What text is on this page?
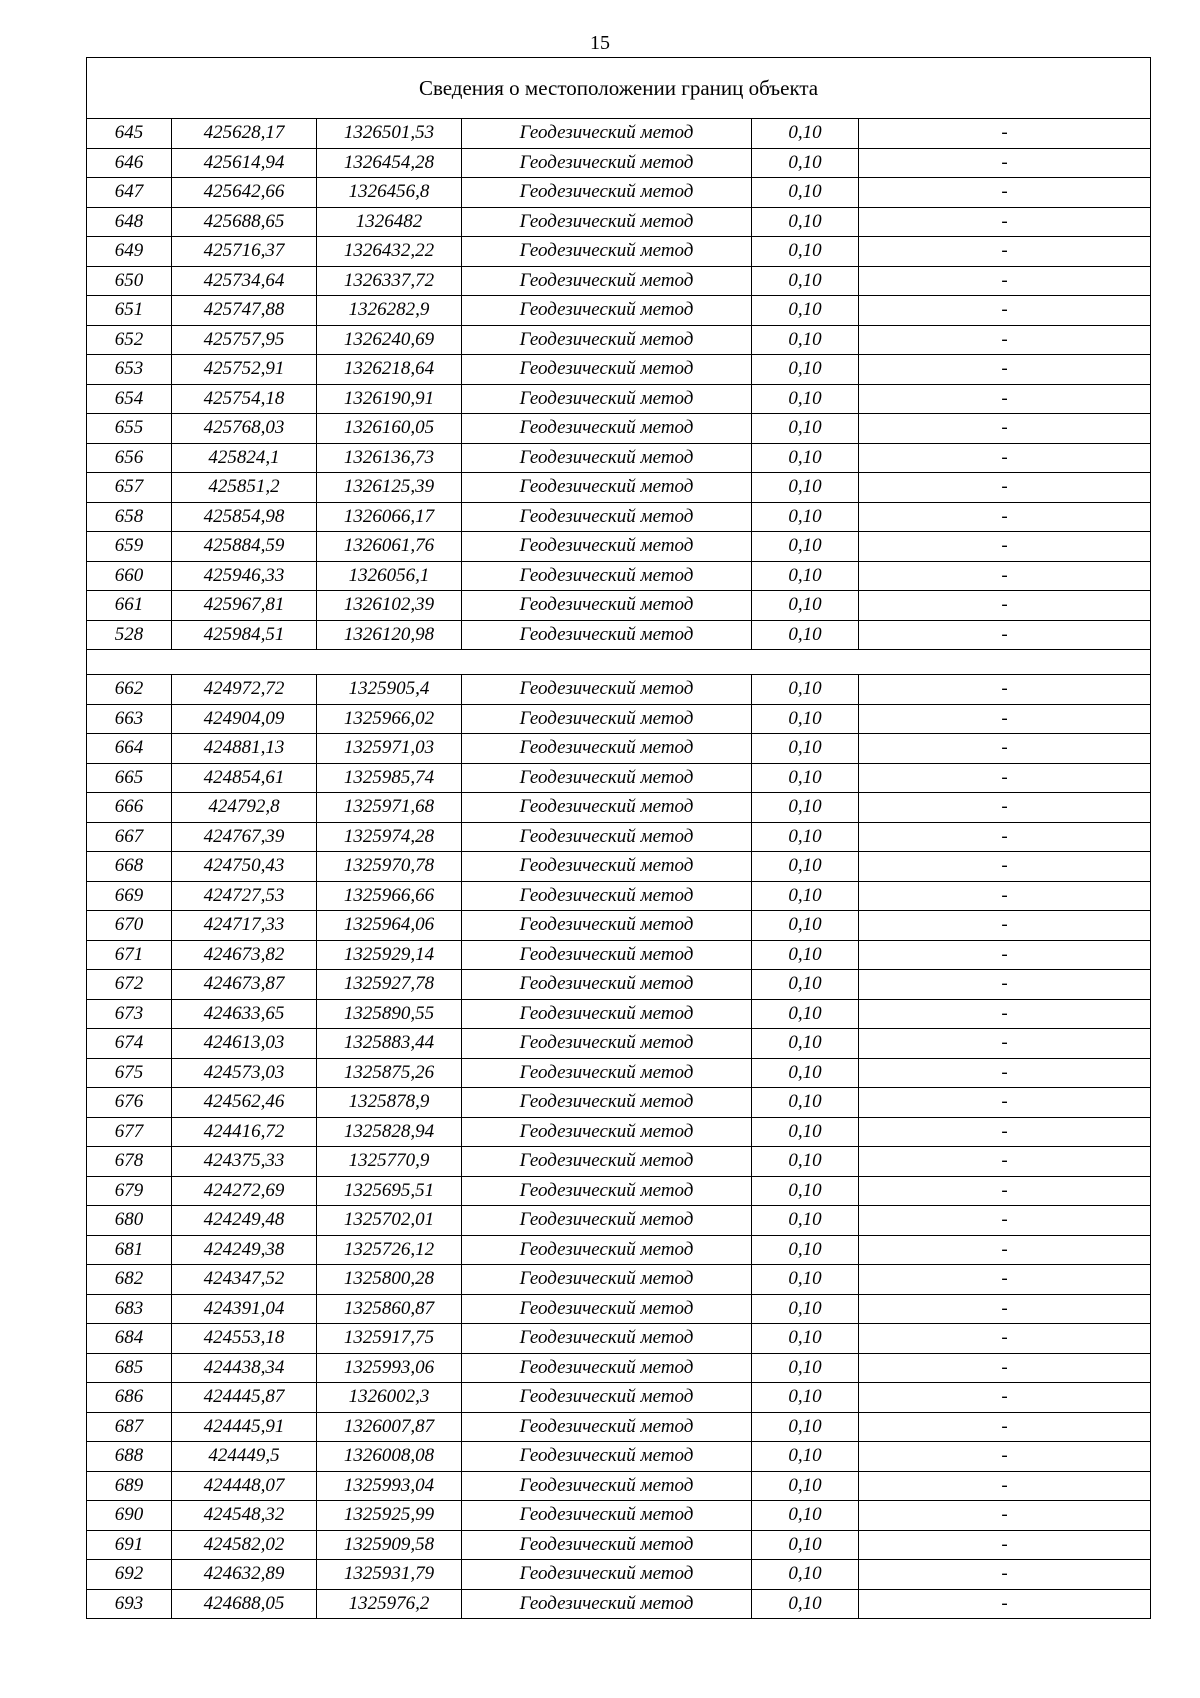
15
Сведения о местоположении границ объекта					
645	425628,17	1326501,53	Геодезический метод	0,10	-
646	425614,94	1326454,28	Геодезический метод	0,10	-
647	425642,66	1326456,8	Геодезический метод	0,10	-
648	425688,65	1326482	Геодезический метод	0,10	-
649	425716,37	1326432,22	Геодезический метод	0,10	-
650	425734,64	1326337,72	Геодезический метод	0,10	-
651	425747,88	1326282,9	Геодезический метод	0,10	-
652	425757,95	1326240,69	Геодезический метод	0,10	-
653	425752,91	1326218,64	Геодезический метод	0,10	-
654	425754,18	1326190,91	Геодезический метод	0,10	-
655	425768,03	1326160,05	Геодезический метод	0,10	-
656	425824,1	1326136,73	Геодезический метод	0,10	-
657	425851,2	1326125,39	Геодезический метод	0,10	-
658	425854,98	1326066,17	Геодезический метод	0,10	-
659	425884,59	1326061,76	Геодезический метод	0,10	-
660	425946,33	1326056,1	Геодезический метод	0,10	-
661	425967,81	1326102,39	Геодезический метод	0,10	-
528	425984,51	1326120,98	Геодезический метод	0,10	-

662	424972,72	1325905,4	Геодезический метод	0,10	-
663	424904,09	1325966,02	Геодезический метод	0,10	-
664	424881,13	1325971,03	Геодезический метод	0,10	-
665	424854,61	1325985,74	Геодезический метод	0,10	-
666	424792,8	1325971,68	Геодезический метод	0,10	-
667	424767,39	1325974,28	Геодезический метод	0,10	-
668	424750,43	1325970,78	Геодезический метод	0,10	-
669	424727,53	1325966,66	Геодезический метод	0,10	-
670	424717,33	1325964,06	Геодезический метод	0,10	-
671	424673,82	1325929,14	Геодезический метод	0,10	-
672	424673,87	1325927,78	Геодезический метод	0,10	-
673	424633,65	1325890,55	Геодезический метод	0,10	-
674	424613,03	1325883,44	Геодезический метод	0,10	-
675	424573,03	1325875,26	Геодезический метод	0,10	-
676	424562,46	1325878,9	Геодезический метод	0,10	-
677	424416,72	1325828,94	Геодезический метод	0,10	-
678	424375,33	1325770,9	Геодезический метод	0,10	-
679	424272,69	1325695,51	Геодезический метод	0,10	-
680	424249,48	1325702,01	Геодезический метод	0,10	-
681	424249,38	1325726,12	Геодезический метод	0,10	-
682	424347,52	1325800,28	Геодезический метод	0,10	-
683	424391,04	1325860,87	Геодезический метод	0,10	-
684	424553,18	1325917,75	Геодезический метод	0,10	-
685	424438,34	1325993,06	Геодезический метод	0,10	-
686	424445,87	1326002,3	Геодезический метод	0,10	-
687	424445,91	1326007,87	Геодезический метод	0,10	-
688	424449,5	1326008,08	Геодезический метод	0,10	-
689	424448,07	1325993,04	Геодезический метод	0,10	-
690	424548,32	1325925,99	Геодезический метод	0,10	-
691	424582,02	1325909,58	Геодезический метод	0,10	-
692	424632,89	1325931,79	Геодезический метод	0,10	-
693	424688,05	1325976,2	Геодезический метод	0,10	-
